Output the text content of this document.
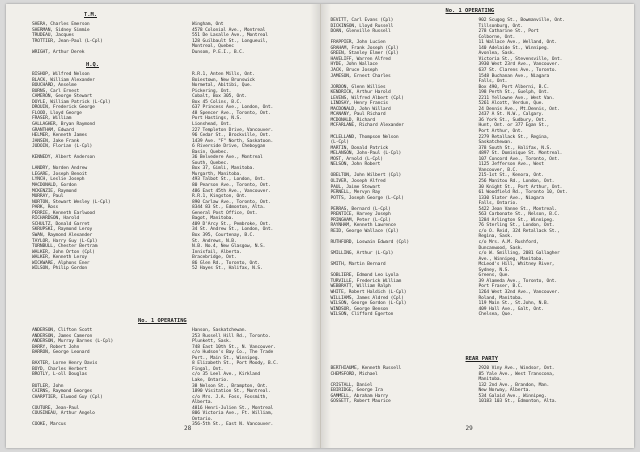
SHERA, Charles Emerson
SHERMAN, Sidney Simmie
TRUDEAU, Jacques
TROTTIER, Jean-Paul (L-Cpl)
WRIGHT, Arthur Derek
BISHOP, Wilfred Nelson
BLACK, William Alexander
BOUCHARD, Anselme
BURNS, Carl Ernest
CAMERON, George Stewart
DOYLE, William Patrick (L-Cpl)
DROUIN, Frederick George
FLOOD, Lloyd George
FRASER, William
GALLAGHER, Bryan Raymond
GRANTHAM, Edward
HELMER, Kenneth James
JANSEN, Jake Frank
JUDOIN, Florian (L-Cpl)
KENNEDY, Albert Anderson
LANDRY, Norden Andrew
LEGARE, Joseph Benoit
LYNCH, Leslie Joseph
MACDONALD, Gordon
MCKENZIE, Raymond
MURRAY, Paul
NORTON, Stewart Wesley (L-Cpl)
PARK, Ross
PERRIE, Kenneth Earlwood
RICHARDSON, Harold
SCHULTZ, Donald Garret
SKRUPSKI, Raymond Leroy
SWAN, Raymond Alexander
TAYLOR, Harry Guy (L-Cpl)
TURNBULL, Chester Bertram
WALKER, John Orton (Cpl)
WALKER, Kenneth Leroy
WICKWARE, Alphons Ener
WILSON, Philip Gordon
ANDERSON, Clifton Scott
ANDERSON, James Cameron
ANDERSON, Murray Barnes (L-Cpl)
BARRY, Robert John
BARRON, George Leonard
BAXTER, Lorne Henry Davis
BOYD, Charles Herbert
BROTLY, L-oll Douglas
BUTLER, John
CAIRNS, Raymond Georges
CHARPTIER, Elwood Guy (Cpl)
COUTURE, Jean-Paul
COUSINEAU, Arthur Angelo
COOKE, Marcus
Wingham, Ont
4578 Colonial Ave., Montreal
551 De Lasalle Ave., Montreal
128 Guilbault St., Longueuil,
Montreal, Quebec
Dunsom, P.E.I., B.C.
R.R.1, Anten Mills, Ont.
Boiestown, New Brunswick
Normetal, Abitibi, Que.
Pickering, Ont.
Cobalt, Box 305, Ont.
Box 45 Colins, B.C.
637 Princess Ave., London, Ont.
48 Spencer Ave., Toronto, Ont.
Port Hastings, N.S.
Lionshead, Ont.
227 Templeton Drive, Vancouver.
96 Cedar St., Brockville, Ont.
1439 Ave. "F" North, Saskatoon.
6 Riverside Drive, Cheboygan
Basin, Quebec.
36 Belvedere Ave., Montreal
South, Quebec.
Box 37, Gimli, Manitoba.
Murgarth, Manitoba.
493 Talbot St., London, Ont.
80 Pearson Ave., Toronto, Ont.
486 East 45th Ave., Vancouver.
R.R.1, Kingston, Ont.
890 Carlaw Ave., Toronto, Ont.
8344 83 St., Edmonton, Alta.
General Post Office, Ont.
Bagot, Manitoba.
409 D'Arcy St., Pembroke, Ont.
34 St. Andrew St., London, Ont.
Box 395, Courtenay, B.C.
St. Andrews, N.B.
N.B. No.4, New Glasgow, N.S.
Innisfail, Alberta.
Bracebridge, Ont.
86 Glen Rd., Toronto, Ont.
52 Hayes St., Halifax, N.S.
Hanson, Saskatchewan.
253 Russell Hill Rd., Toronto.
Plunkett, Sask.
748 East 10th St., N. Vancouver.
c/o Hudson's Bay Co., The Trade
Port., Main St., Winnipeg.
8 Elizabeth St., Port Moody, B.C.
Fingal, Ont.
c/o 35 Leel Ave., Kirkland
Lake, Ontario.
38 Nelson St., Brampton, Ont.
1890 Visitation St., Montreal.
c/o Mrs. J.A. Foss, Fossmith,
Alberta.
4816 Henri-Julien St., Montreal
806 Victoria Ave., Ft. William,
Ontario.
356-5th St., East N. Vancouver.
28
T.M.
H.Q.
No. 1 OPERATING
DEVITT, Carl Evans (Cpl)
DICKINSON, Lloyd Russell
DOAN, Glenville Russell
FRAPPIER, John Lucien
GRAHAM, Frank Joseph (Cpl)
GREEN, Stanley Elmer (Cpl)
HAVELIFF, Warren Alfred
HYDE, John Wallace
JACK, Bruce Joseph
JAMESON, Ernest Charles
JORDON, Glenn Willies
KENDRICK, Arthur Harold
LEVENS, Wilfred Albert (Cpl)
LINDSAY, Henry Francis
MACDONALD, John Willard
MCANANY, Paul Richard
MCDONALD, Richard
MCFARLANE, Richard Alexander
MCLELLAND, Thompson Nelson
(L-Cpl)
MARTIN, Donald Patrick
MELANSON, John-Paul (L-Cpl)
MOST, Arnold (L-Cpl)
NELSON, John Robert
OBELTON, John Wilbert (Cpl)
OLIVER, Joseph Alfred
PAUL, Jaime Stewart
PERNELL, Mervyn Ray
POTTS, Joseph George (L-Cpl)
PERRAS, Bernard (L-Cpl)
PRENTICE, Harvey Joseph
PRINGHAM, Peter (L-Cpl)
RAYNHAM, Kenneth Lawrence
REID, George Wallace (Cpl)
RUTHFORD, Loswain Edward (Cpl)
SMILLING, Arthur (L-Cpl)
SMITH, Martin Bernard
SOBLIERE, Edmond Leo Lyola
TURVILLE, Frederick William
WEBBRATT, William Ralph
WHITE, Robert Haldich (L-Cpl)
WILLIAMS, James Aldred (Cpl)
WILSON, George Gordon (L-Cpl)
WINDSOR, George Benson
WILSON, Clifford Egerton
BERTHIAUME, Kenneth Russell
CHEMSFORD, Michael
CRISTALL, Daniel
EBIRIDGE, George Ira
GAMMELL, Abraham Harry
GOSSETT, Robert Maurice
902 Scugog St., Bowmanville, Ont.
Tillsonburg, Ont.
278 Catharine St., Port
Colborne, Ont.
11 Wallace Ave., Welland, Ont.
140 Adelaide St., Winnipeg.
Avonlea, Sask.
Victoria St., Stevensville, Ont.
3930 West 23rd Ave., Vancouver.
637 St. Clarens Ave., Toronto.
1548 Buchanan Ave., Niagara
Falls, Ont.
Box 490, Port Alberni, B.C.
198 Perth St., Guelph, Ont.
2211 Yellowne Ave., West Van.
5261 Alcott, Verdun, Que.
24 Dennis Ave., Mt.Dennis, Ont.
2437 A St. N.W., Calgary.
36 York St., Sudbury, Ont.
Hunt, Ont. or 377 Egan St.,
Port Arthur, Ont.
2279 Retallack St., Regina,
Saskatchewan.
378 South St., Halifax, N.S.
4897 St. Dominique St. Montreal.
107 Concord Ave., Toronto, Ont.
1125 Jefferson Ave., West
Vancouver, B.C.
215-1st St., Kenora, Ont.
256 Manitou Rd., London, Ont.
30 Knight St., Port Arthur, Ont.
61 Woodfield Rd., Toronto 10, Ont.
1330 Slater Ave., Niagara
Falls, Ontario.
5422 Jean Vanne St., Montreal.
563 Carbonate St., Nelson, B.C.
1284 Arlington St., Winnipeg.
76 Sterling St., London, Ont.
c/o O. Reid, 324 Retallack St.,
Regina, Sask.
c/o Mrs. A.M. Rushford,
Duncanwood, Sask.
c/o W. Smilling, 2081 Gallagher
Ave., Winnipeg, Manitoba.
McLeod's Hill, Whitney River,
Sydney, N.S.
Greens, Que.
39 Alameda Ave., Toronto, Ont.
Port Fraser, B.C.
1264 West 32nd Ave., Vancouver.
Roland, Manitoba.
119 Main St., St.John, N.B.
409 Hall Ave., Galt, Ont.
Chelsea, Que.
2920 Viny Ave., Windsor, Ont.
85 Yale Ave., West Transcona,
Manitoba.
132 2nd Ave., Brandon, Man.
New Norway, Alberta.
534 Galaid Ave., Winnipeg.
10183 103 St., Edmonton, Alta.
29
No. 1 OPERATING
REAR PARTY
